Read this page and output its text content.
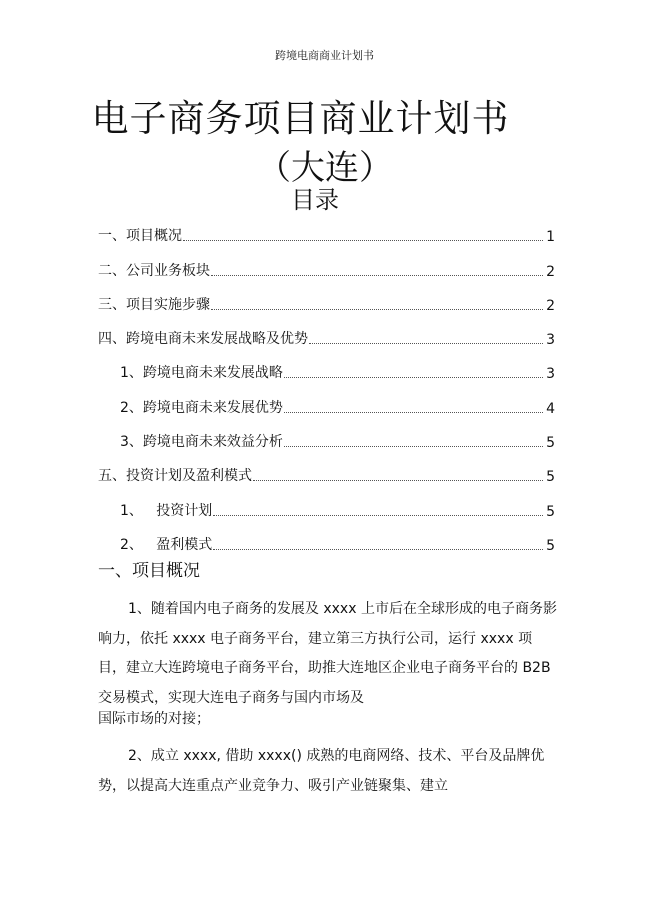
跨境电商商业计划书
电子商务项目商业计划书
（大连）
目录
一、项目概况	1
二、公司业务板块	2
三、项目实施步骤	2
四、跨境电商未来发展战略及优势	3
1、跨境电商未来发展战略	3
2、跨境电商未来发展优势	4
3、跨境电商未来效益分析	5
五、投资计划及盈利模式	5
1、   投资计划	5
2、   盈利模式	5
一、项目概况
1、随着国内电子商务的发展及 xxxx 上市后在全球形成的电子商务影响力，依托 xxxx 电子商务平台，建立第三方执行公司，运行 xxxx 项目，建立大连跨境电子商务平台，助推大连地区企业电子商务平台的 B2B 交易模式，实现大连电子商务与国内市场及
国际市场的对接；
2、成立 xxxx, 借助 xxxx() 成熟的电商网络、技术、平台及品牌优势，以提高大连重点产业竞争力、吸引产业链聚集、建立
